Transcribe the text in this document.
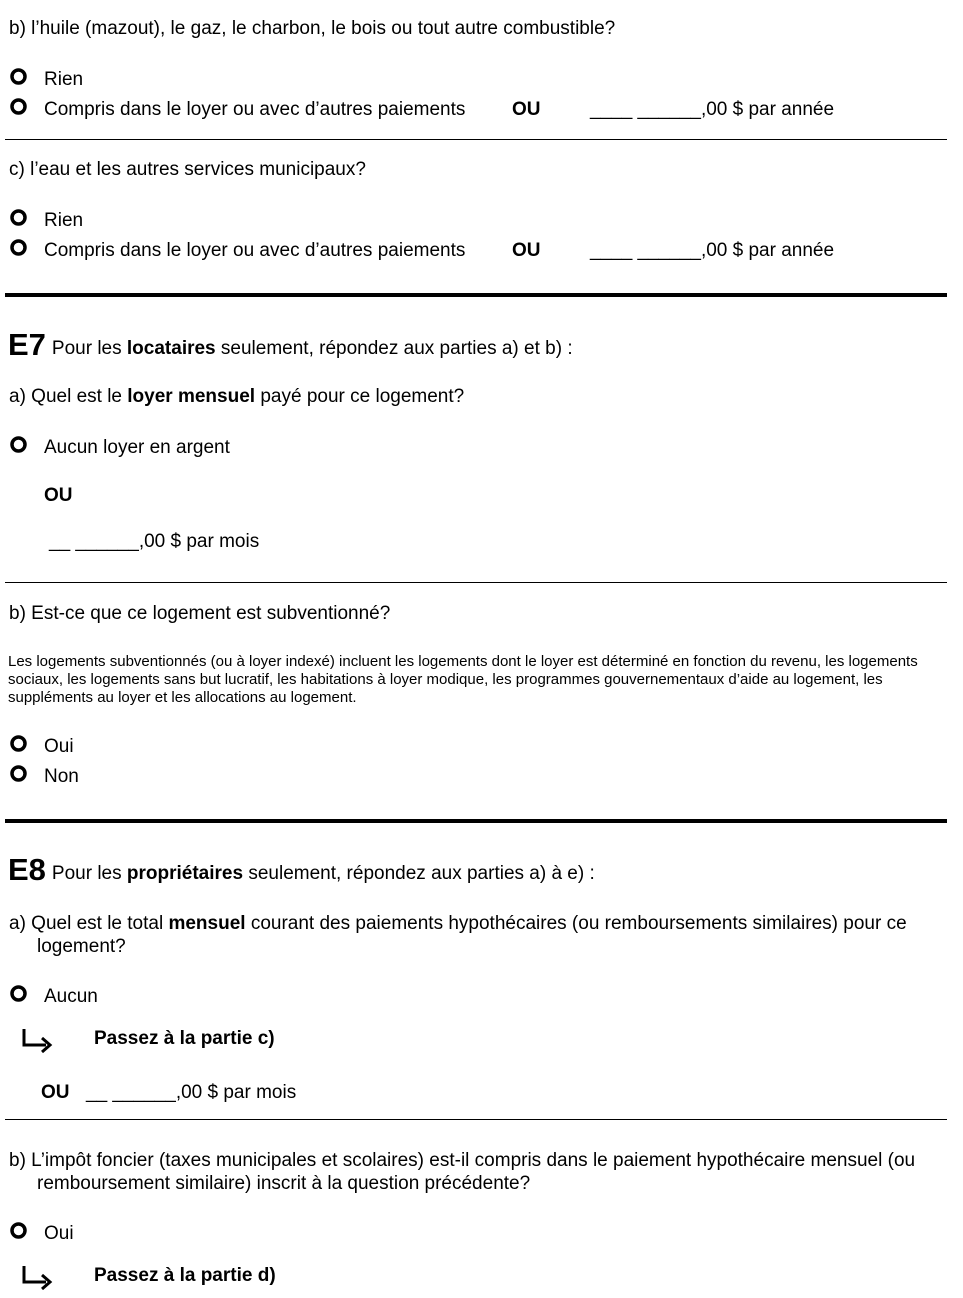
b) l’huile (mazout), le gaz, le charbon, le bois ou tout autre combustible?
Rien
Compris dans le loyer ou avec d’autres paiements OU	____ ______,00 $ par année
c) l’eau et les autres services municipaux?
Rien
Compris dans le loyer ou avec d’autres paiements OU	____ ______,00 $ par année
E7 Pour les locataires seulement, répondez aux parties a) et b) :
a) Quel est le loyer mensuel payé pour ce logement?
Aucun loyer en argent
OU
__ ______,00 $ par mois
b) Est-ce que ce logement est subventionné?
Les logements subventionnés (ou à loyer indexé) incluent les logements dont le loyer est déterminé en fonction du revenu, les logements sociaux, les logements sans but lucratif, les habitations à loyer modique, les programmes gouvernementaux d’aide au logement, les suppléments au loyer et les allocations au logement.
Oui
Non
E8 Pour les propriétaires seulement, répondez aux parties a) à e) :
a) Quel est le total mensuel courant des paiements hypothécaires (ou remboursements similaires) pour ce logement?
Aucun
Passez à la partie c)
OU __ ______,00 $ par mois
b) L’impôt foncier (taxes municipales et scolaires) est-il compris dans le paiement hypothécaire mensuel (ou remboursement similaire) inscrit à la question précédente?
Oui
Passez à la partie d)
